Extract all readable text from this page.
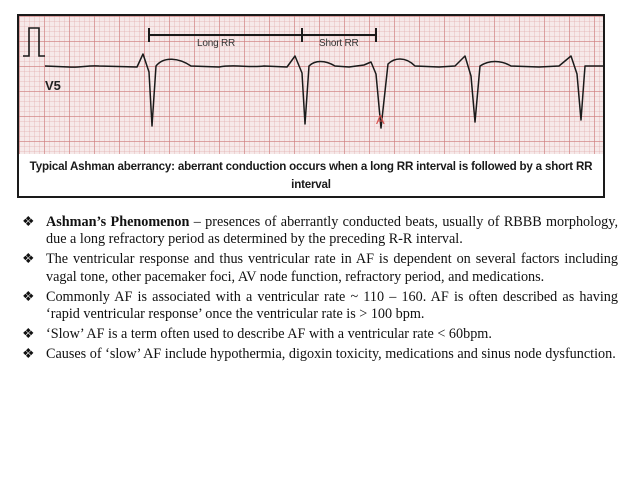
V5
Long RR	Short RR
A
Typical Ashman aberrancy: aberrant conduction occurs when a long RR interval is followed by a short RR interval
❖ Ashman’s Phenomenon – presences of aberrantly conducted beats, usually of RBBB morphology, due a long refractory period as determined by the preceding R-R interval.
❖ The ventricular response and thus ventricular rate in AF is dependent on several factors including vagal tone, other pacemaker foci, AV node function, refractory period, and medications.
❖ Commonly AF is associated with a ventricular rate ~ 110 – 160. AF is often described as having ‘rapid ventricular response’ once the ventricular rate is > 100 bpm.
❖ ‘Slow’ AF is a term often used to describe AF with a ventricular rate < 60bpm.
❖ Causes of ‘slow’ AF include hypothermia, digoxin toxicity, medications and sinus node dysfunction.
